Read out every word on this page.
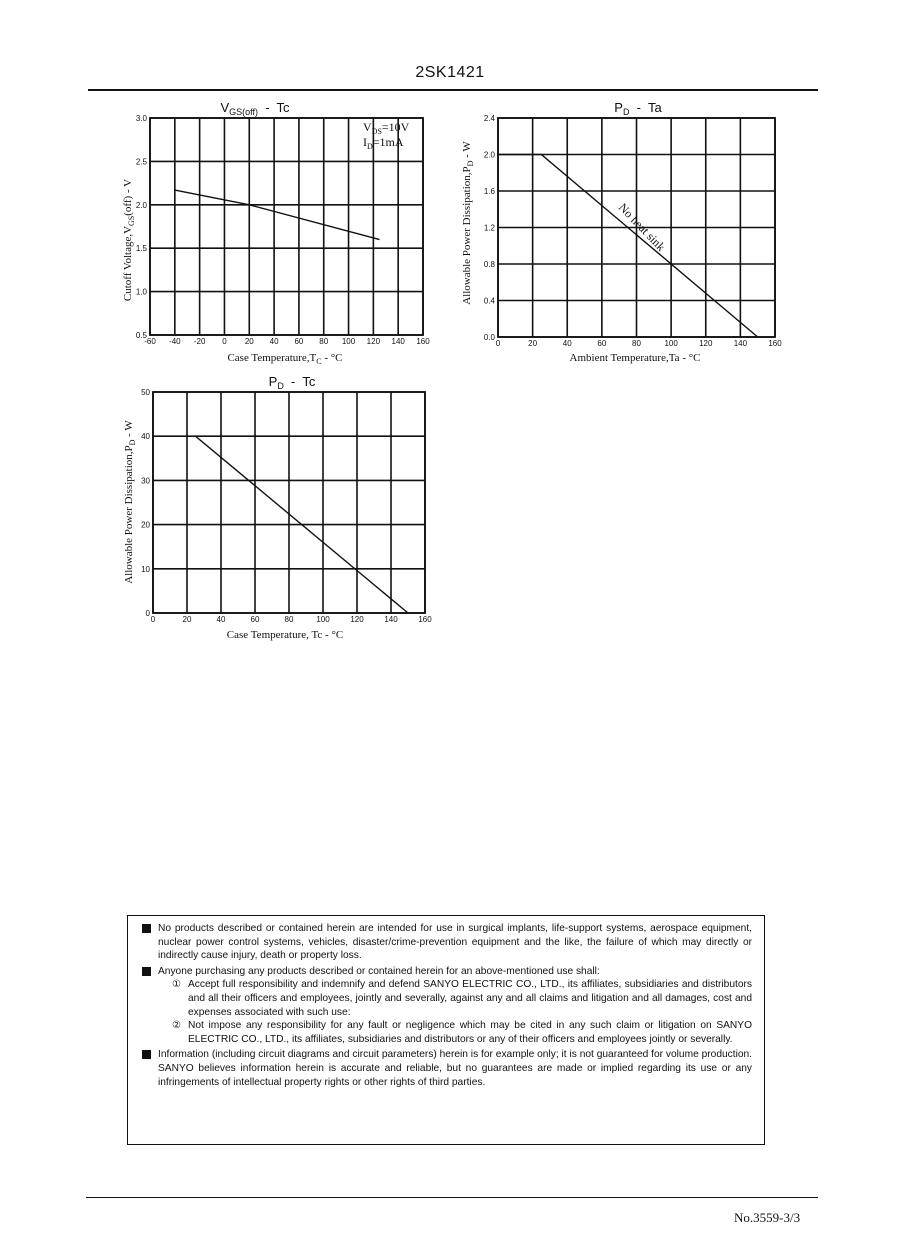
2SK1421
$V_{GS(off)}$  -  Tc
Cutoff $Voltage,V_{GS}(off)$ - V
Case $Temperature,T_C - ^\circ C$
$V_{DS}=10V$
$I_D=1mA$
-60 -40 -20 0 20 40 60 80 100 120 140 160
0.5
1.0
1.5
2.0
2.5
3.0
$P_D$  -  Ta
Allowable Power $Dissipation,P_D$ - W
Ambient Temperature,Ta - °C
No heat sink
0	20	40	60	80	100	120	140	160
0.0
0.4
0.8
1.2
1.6
2.0
2.4
$P_D$  -  Tc
Allowable Power $Dissipation,P_D$ - W
Case Temperature, Tc - °C
0	20	40	60	80	100	120	140	160
0
10
20
30
40
50

No products described or contained herein are intended for use in surgical implants, life-support systems, aerospace equipment, nuclear power control systems, vehicles, disaster/crime-prevention equipment and the like, the failure of which may directly or indirectly cause injury, death or property loss.

Anyone purchasing any products described or contained herein for an above-mentioned use shall:

① Accept full responsibility and indemnify and defend SANYO ELECTRIC CO., LTD., its affiliates, subsidiaries and distributors and all their officers and employees, jointly and severally, against any and all claims and litigation and all damages, cost and expenses associated with such use:
② Not impose any responsibility for any fault or negligence which may be cited in any such claim or litigation on SANYO ELECTRIC CO., LTD., its affiliates, subsidiaries and distributors or any of their officers and employees jointly or severally.

Information (including circuit diagrams and circuit parameters) herein is for example only; it is not guaranteed for volume production. SANYO believes information herein is accurate and reliable, but no guarantees are made or implied regarding its use or any infringements of intellectual property rights or other rights of third parties.

No.3559-3/3
